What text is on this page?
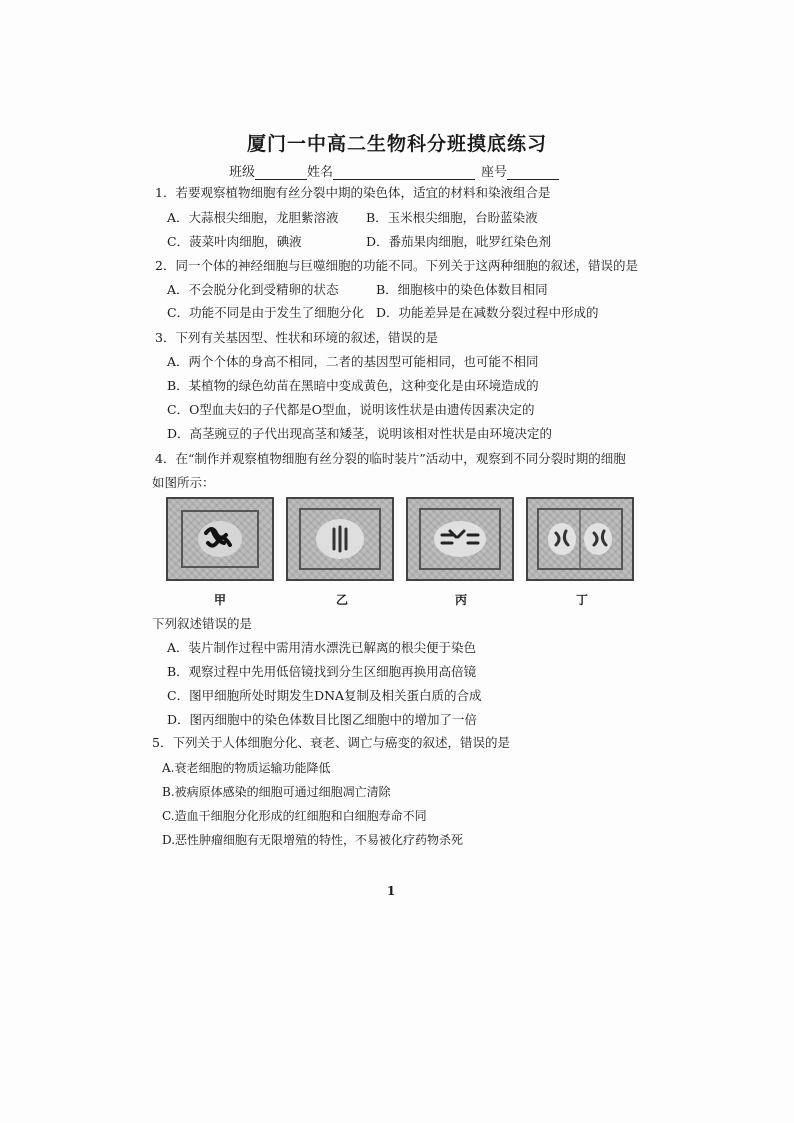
厦门一中高二生物科分班摸底练习
班级	姓名	座号
1．若要观察植物细胞有丝分裂中期的染色体，适宜的材料和染液组合是
A．大蒜根尖细胞，龙胆紫溶液 B．玉米根尖细胞，台盼蓝染液
C．菠菜叶肉细胞，碘液	D．番茄果肉细胞，吡罗红染色剂
2．同一个体的神经细胞与巨噬细胞的功能不同。下列关于这两种细胞的叙述，错误的是
A．不会脱分化到受精卵的状态	B．细胞核中的染色体数目相同
C．功能不同是由于发生了细胞分化 D．功能差异是在减数分裂过程中形成的
3．下列有关基因型、性状和环境的叙述，错误的是
A．两个个体的身高不相同，二者的基因型可能相同，也可能不相同
B．某植物的绿色幼苗在黑暗中变成黄色，这种变化是由环境造成的
C．O型血夫妇的子代都是O型血，说明该性状是由遗传因素决定的
D．高茎豌豆的子代出现高茎和矮茎，说明该相对性状是由环境决定的
4．在“制作并观察植物细胞有丝分裂的临时装片”活动中，观察到不同分裂时期的细胞
如图所示：
甲	乙	丙	丁
下列叙述错误的是
A．装片制作过程中需用清水漂洗已解离的根尖便于染色
B．观察过程中先用低倍镜找到分生区细胞再换用高倍镜
C．图甲细胞所处时期发生DNA复制及相关蛋白质的合成
D．图丙细胞中的染色体数目比图乙细胞中的增加了一倍
5．下列关于人体细胞分化、衰老、调亡与癌变的叙述，错误的是
A.衰老细胞的物质运输功能降低
B.被病原体感染的细胞可通过细胞凋亡清除
C.造血干细胞分化形成的红细胞和白细胞寿命不同
D.恶性肿瘤细胞有无限增殖的特性，不易被化疗药物杀死
1
